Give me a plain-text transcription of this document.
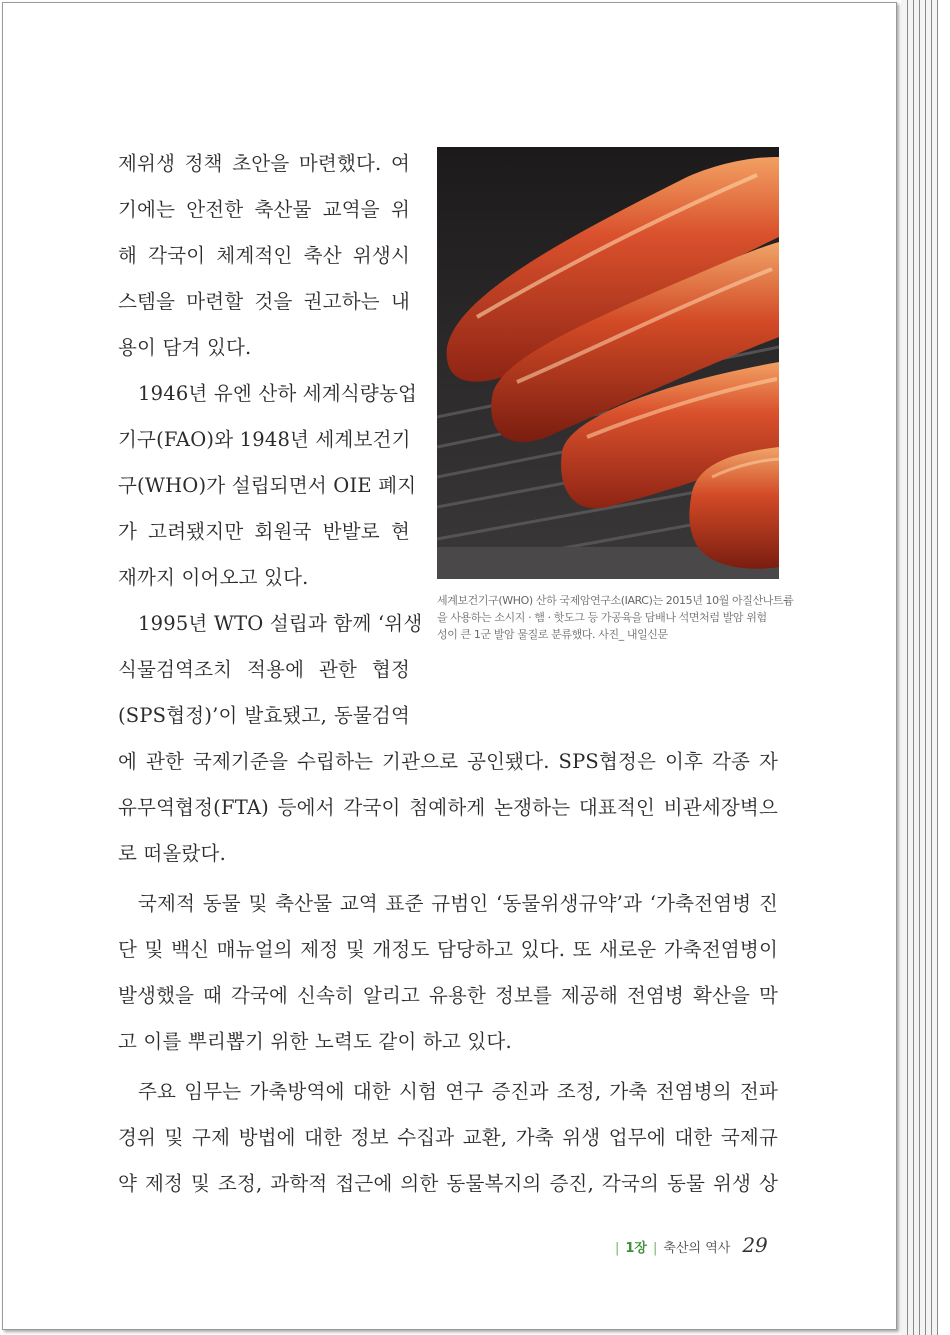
제위생 정책 초안을 마련했다. 여
기에는 안전한 축산물 교역을 위
해 각국이 체계적인 축산 위생시
스템을 마련할 것을 권고하는 내
용이 담겨 있다.
1946년 유엔 산하 세계식량농업
기구(FAO)와 1948년 세계보건기
구(WHO)가 설립되면서 OIE 폐지
가 고려됐지만 회원국 반발로 현
재까지 이어오고 있다.
1995년 WTO 설립과 함께 ‘위생
식물검역조치 적용에 관한 협정
(SPS협정)’이 발효됐고, 동물검역
에 관한 국제기준을 수립하는 기관으로 공인됐다. SPS협정은 이후 각종 자
유무역협정(FTA) 등에서 각국이 첨예하게 논쟁하는 대표적인 비관세장벽으
로 떠올랐다.
국제적 동물 및 축산물 교역 표준 규범인 ‘동물위생규약’과 ‘가축전염병 진
단 및 백신 매뉴얼의 제정 및 개정도 담당하고 있다. 또 새로운 가축전염병이
발생했을 때 각국에 신속히 알리고 유용한 정보를 제공해 전염병 확산을 막
고 이를 뿌리뽑기 위한 노력도 같이 하고 있다.
주요 임무는 가축방역에 대한 시험 연구 증진과 조정, 가축 전염병의 전파
경위 및 구제 방법에 대한 정보 수집과 교환, 가축 위생 업무에 대한 국제규
약 제정 및 조정, 과학적 접근에 의한 동물복지의 증진, 각국의 동물 위생 상
세계보건기구(WHO) 산하 국제암연구소(IARC)는 2015년 10월 아질산나트륨
을 사용하는 소시지 · 햄 · 핫도그 등 가공육을 담배나 석면처럼 발암 위험
성이 큰 1군 발암 물질로 분류했다. 사진_ 내일신문
| 1장 | 축산의 역사 29
